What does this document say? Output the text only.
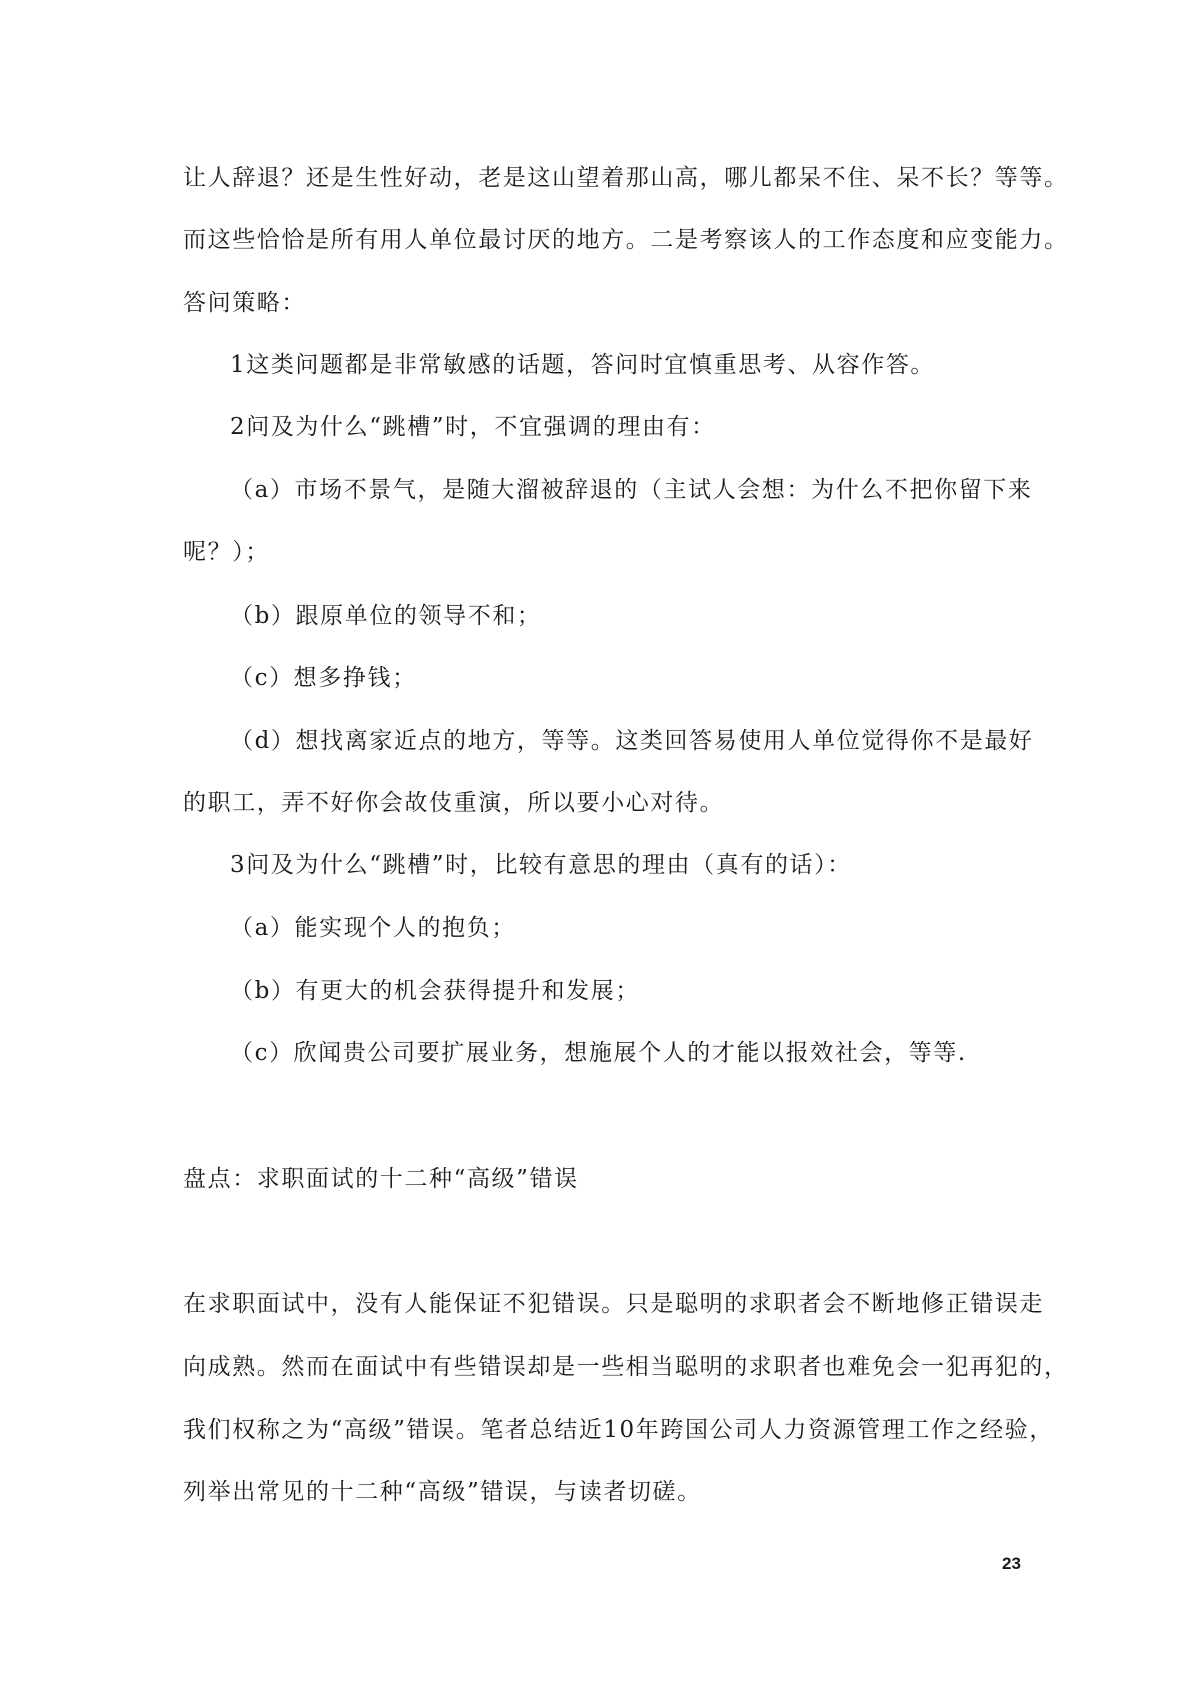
让人辞退？还是生性好动，老是这山望着那山高，哪儿都呆不住、呆不长？等等。

而这些恰恰是所有用人单位最讨厌的地方。二是考察该人的工作态度和应变能力。

答问策略：

1这类问题都是非常敏感的话题，答问时宜慎重思考、从容作答。

2问及为什么“跳槽”时，不宜强调的理由有：

（a）市场不景气，是随大溜被辞退的（主试人会想：为什么不把你留下来

呢？）；

（b）跟原单位的领导不和；

（c）想多挣钱；

（d）想找离家近点的地方，等等。这类回答易使用人单位觉得你不是最好

的职工，弄不好你会故伎重演，所以要小心对待。

3问及为什么“跳槽”时，比较有意思的理由（真有的话）：

（a）能实现个人的抱负；

（b）有更大的机会获得提升和发展；

（c）欣闻贵公司要扩展业务，想施展个人的才能以报效社会，等等.

盘点：求职面试的十二种“高级”错误

在求职面试中，没有人能保证不犯错误。只是聪明的求职者会不断地修正错误走

向成熟。然而在面试中有些错误却是一些相当聪明的求职者也难免会一犯再犯的，

我们权称之为“高级”错误。笔者总结近10年跨国公司人力资源管理工作之经验，

列举出常见的十二种“高级”错误，与读者切磋。

23
